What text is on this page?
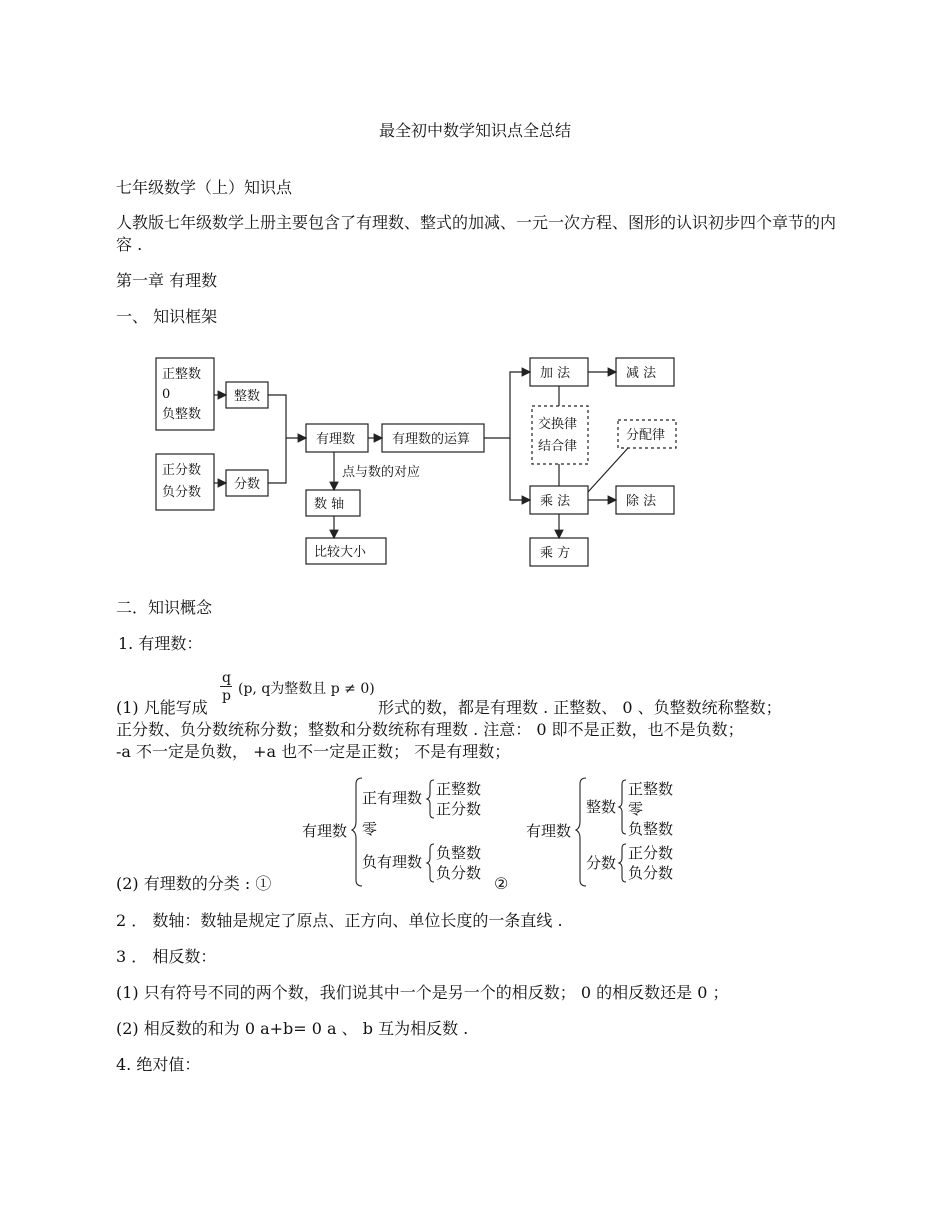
最全初中数学知识点全总结
七年级数学（上）知识点
人教版七年级数学上册主要包含了有理数、整式的加减、一元一次方程、图形的认识初步四个章节的内容 .
第一章 有理数
一、 知识框架
正整数
0
负整数
整数
正分数
负分数
分数
有理数	有理数的运算
点与数的对应
数 轴
比较大小
加 法	减 法
交换律
结合律
分配律
乘 法	除 法
乘 方
二．知识概念
1. 有理数：
q
p (p, q为整数且 p ≠ 0)
(1) 凡能写成	形式的数，都是有理数 . 正整数、 0 、负整数统称整数；
正分数、负分数统称分数；整数和分数统称有理数 . 注意： 0 即不是正数，也不是负数；
-a 不一定是负数， +a 也不一定是正数； 不是有理数；
有理数
正有理数 正整数
正分数
零
负有理数 负整数
负分数
有理数
整数
正整数
零
负整数
分数
正分数
负分数
(2) 有理数的分类 : ①	②
2 ． 数轴：数轴是规定了原点、正方向、单位长度的一条直线 .
3 ． 相反数：
(1) 只有符号不同的两个数，我们说其中一个是另一个的相反数； 0 的相反数还是 0 ；
(2) 相反数的和为 0 a+b= 0 a 、 b 互为相反数 .
4. 绝对值：
